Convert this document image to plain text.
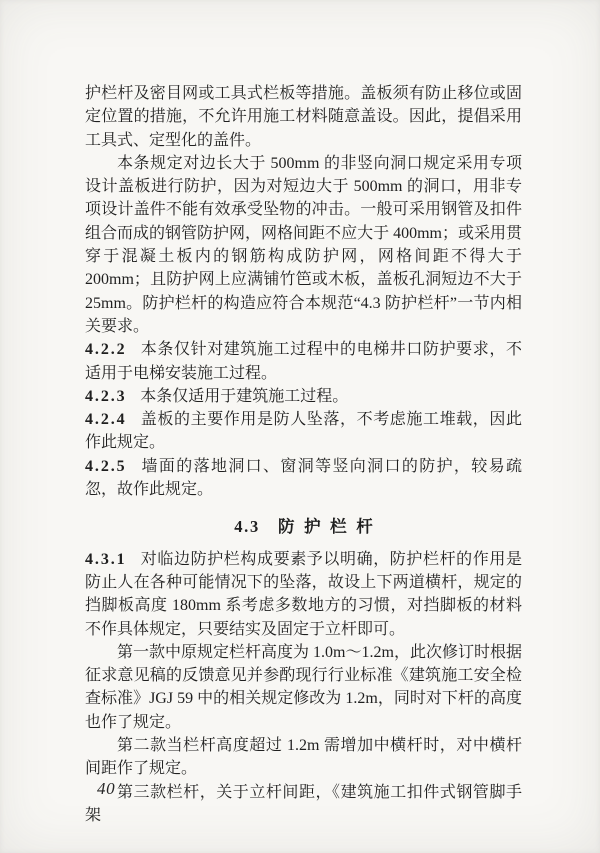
护栏杆及密目网或工具式栏板等措施。盖板须有防止移位或固定位置的措施，不允许用施工材料随意盖设。因此，提倡采用工具式、定型化的盖件。

本条规定对边长大于 500mm 的非竖向洞口规定采用专项设计盖板进行防护，因为对短边大于 500mm 的洞口，用非专项设计盖件不能有效承受坠物的冲击。一般可采用钢管及扣件组合而成的钢管防护网，网格间距不应大于 400mm；或采用贯穿于混凝土板内的钢筋构成防护网，网格间距不得大于 200mm；且防护网上应满铺竹笆或木板，盖板孔洞短边不大于 25mm。防护栏杆的构造应符合本规范“4.3 防护栏杆”一节内相关要求。

4.2.2 本条仅针对建筑施工过程中的电梯井口防护要求，不适用于电梯安装施工过程。

4.2.3 本条仅适用于建筑施工过程。

4.2.4 盖板的主要作用是防人坠落，不考虑施工堆载，因此作此规定。

4.2.5 墙面的落地洞口、窗洞等竖向洞口的防护，较易疏忽，故作此规定。

4.3 防护栏杆

4.3.1 对临边防护栏构成要素予以明确，防护栏杆的作用是防止人在各种可能情况下的坠落，故设上下两道横杆，规定的挡脚板高度 180mm 系考虑多数地方的习惯，对挡脚板的材料不作具体规定，只要结实及固定于立杆即可。

第一款中原规定栏杆高度为 1.0m～1.2m，此次修订时根据征求意见稿的反馈意见并参酌现行行业标准《建筑施工安全检查标准》JGJ 59 中的相关规定修改为 1.2m，同时对下杆的高度也作了规定。

第二款当栏杆高度超过 1.2m 需增加中横杆时，对中横杆间距作了规定。

第三款栏杆，关于立杆间距，《建筑施工扣件式钢管脚手架

40
